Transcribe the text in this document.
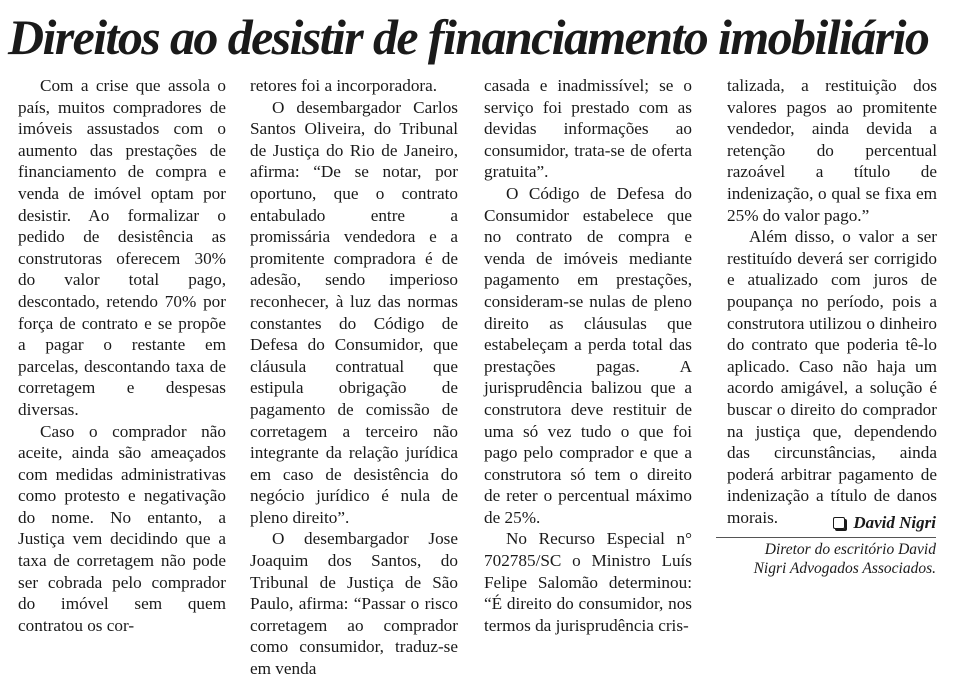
Direitos ao desistir de financiamento imobiliário

Com a crise que assola o país, muitos compradores de imóveis assustados com o aumento das prestações de financiamento de compra e venda de imóvel optam por desistir. Ao formalizar o pedido de desistência as construtoras oferecem 30% do valor total pago, descontado, retendo 70% por força de contrato e se propõe a pagar o restante em parcelas, descontando taxa de corretagem e despesas diversas.

Caso o comprador não aceite, ainda são ameaçados com medidas administrativas como protesto e negativação do nome. No entanto, a Justiça vem decidindo que a taxa de corretagem não pode ser cobrada pelo comprador do imóvel sem quem contratou os cor-

retores foi a incorporadora.

O desembargador Carlos Santos Oliveira, do Tribunal de Justiça do Rio de Janeiro, afirma: “De se notar, por oportuno, que o contrato entabulado entre a promissária vendedora e a promitente compradora é de adesão, sendo imperioso reconhecer, à luz das normas constantes do Código de Defesa do Consumidor, que cláusula contratual que estipula obrigação de pagamento de comissão de corretagem a terceiro não integrante da relação jurídica em caso de desistência do negócio jurídico é nula de pleno direito”.

O desembargador Jose Joaquim dos Santos, do Tribunal de Justiça de São Paulo, afirma: “Passar o risco corretagem ao comprador como consumidor, traduz-se em venda

casada e inadmissível; se o serviço foi prestado com as devidas informações ao consumidor, trata-se de oferta gratuita”.

O Código de Defesa do Consumidor estabelece que no contrato de compra e venda de imóveis mediante pagamento em prestações, consideram-se nulas de pleno direito as cláusulas que estabeleçam a perda total das prestações pagas. A jurisprudência balizou que a construtora deve restituir de uma só vez tudo o que foi pago pelo comprador e que a construtora só tem o direito de reter o percentual máximo de 25%.

No Recurso Especial n° 702785/SC o Ministro Luís Felipe Salomão determinou: “É direito do consumidor, nos termos da jurisprudência cris-

talizada, a restituição dos valores pagos ao promitente vendedor, ainda devida a retenção do percentual razoável a título de indenização, o qual se fixa em 25% do valor pago.”

Além disso, o valor a ser restituído deverá ser corrigido e atualizado com juros de poupança no período, pois a construtora utilizou o dinheiro do contrato que poderia tê-lo aplicado. Caso não haja um acordo amigável, a solução é buscar o direito do comprador na justiça que, dependendo das circunstâncias, ainda poderá arbitrar pagamento de indenização a título de danos morais.	David Nigri
Diretor do escritório David
Nigri Advogados Associados.
